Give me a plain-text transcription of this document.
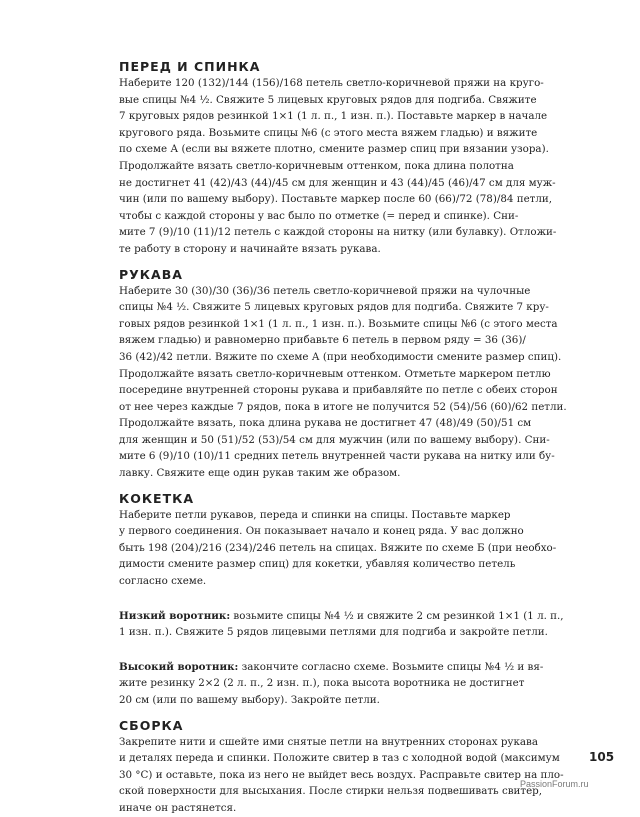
ПЕРЕД И СПИНКА

Наберите 120 (132)/144 (156)/168 петель светло-коричневой пряжи на круго-
вые спицы №4 ½. Свяжите 5 лицевых круговых рядов для подгиба. Свяжите
7 круговых рядов резинкой 1×1 (1 л. п., 1 изн. п.). Поставьте маркер в начале
кругового ряда. Возьмите спицы №6 (с этого места вяжем гладью) и вяжите
по схеме А (если вы вяжете плотно, смените размер спиц при вязании узора).
Продолжайте вязать светло-коричневым оттенком, пока длина полотна
не достигнет 41 (42)/43 (44)/45 см для женщин и 43 (44)/45 (46)/47 см для муж-
чин (или по вашему выбору). Поставьте маркер после 60 (66)/72 (78)/84 петли,
чтобы с каждой стороны у вас было по отметке (= перед и спинке). Сни-
мите 7 (9)/10 (11)/12 петель с каждой стороны на нитку (или булавку). Отложи-
те работу в сторону и начинайте вязать рукава.

РУКАВА

Наберите 30 (30)/30 (36)/36 петель светло-коричневой пряжи на чулочные
спицы №4 ½. Свяжите 5 лицевых круговых рядов для подгиба. Свяжите 7 кру-
говых рядов резинкой 1×1 (1 л. п., 1 изн. п.). Возьмите спицы №6 (с этого места
вяжем гладью) и равномерно прибавьте 6 петель в первом ряду = 36 (36)/
36 (42)/42 петли. Вяжите по схеме А (при необходимости смените размер спиц).
Продолжайте вязать светло-коричневым оттенком. Отметьте маркером петлю
посередине внутренней стороны рукава и прибавляйте по петле с обеих сторон
от нее через каждые 7 рядов, пока в итоге не получится 52 (54)/56 (60)/62 петли.
Продолжайте вязать, пока длина рукава не достигнет 47 (48)/49 (50)/51 см
для женщин и 50 (51)/52 (53)/54 см для мужчин (или по вашему выбору). Сни-
мите 6 (9)/10 (10)/11 средних петель внутренней части рукава на нитку или бу-
лавку. Свяжите еще один рукав таким же образом.

КОКЕТКА

Наберите петли рукавов, переда и спинки на спицы. Поставьте маркер
у первого соединения. Он показывает начало и конец ряда. У вас должно
быть 198 (204)/216 (234)/246 петель на спицах. Вяжите по схеме Б (при необхо-
димости смените размер спиц) для кокетки, убавляя количество петель
согласно схеме.

Низкий воротник: возьмите спицы №4 ½ и свяжите 2 см резинкой 1×1 (1 л. п.,
1 изн. п.). Свяжите 5 рядов лицевыми петлями для подгиба и закройте петли.

Высокий воротник: закончите согласно схеме. Возьмите спицы №4 ½ и вя-
жите резинку 2×2 (2 л. п., 2 изн. п.), пока высота воротника не достигнет
20 см (или по вашему выбору). Закройте петли.

СБОРКА

Закрепите нити и сшейте ими снятые петли на внутренних сторонах рукава
и деталях переда и спинки. Положите свитер в таз с холодной водой (максимум
30 °C) и оставьте, пока из него не выйдет весь воздух. Расправьте свитер на пло-
ской поверхности для высыхания. После стирки нельзя подвешивать свитер,
иначе он растянется.

105
PassionForum.ru
